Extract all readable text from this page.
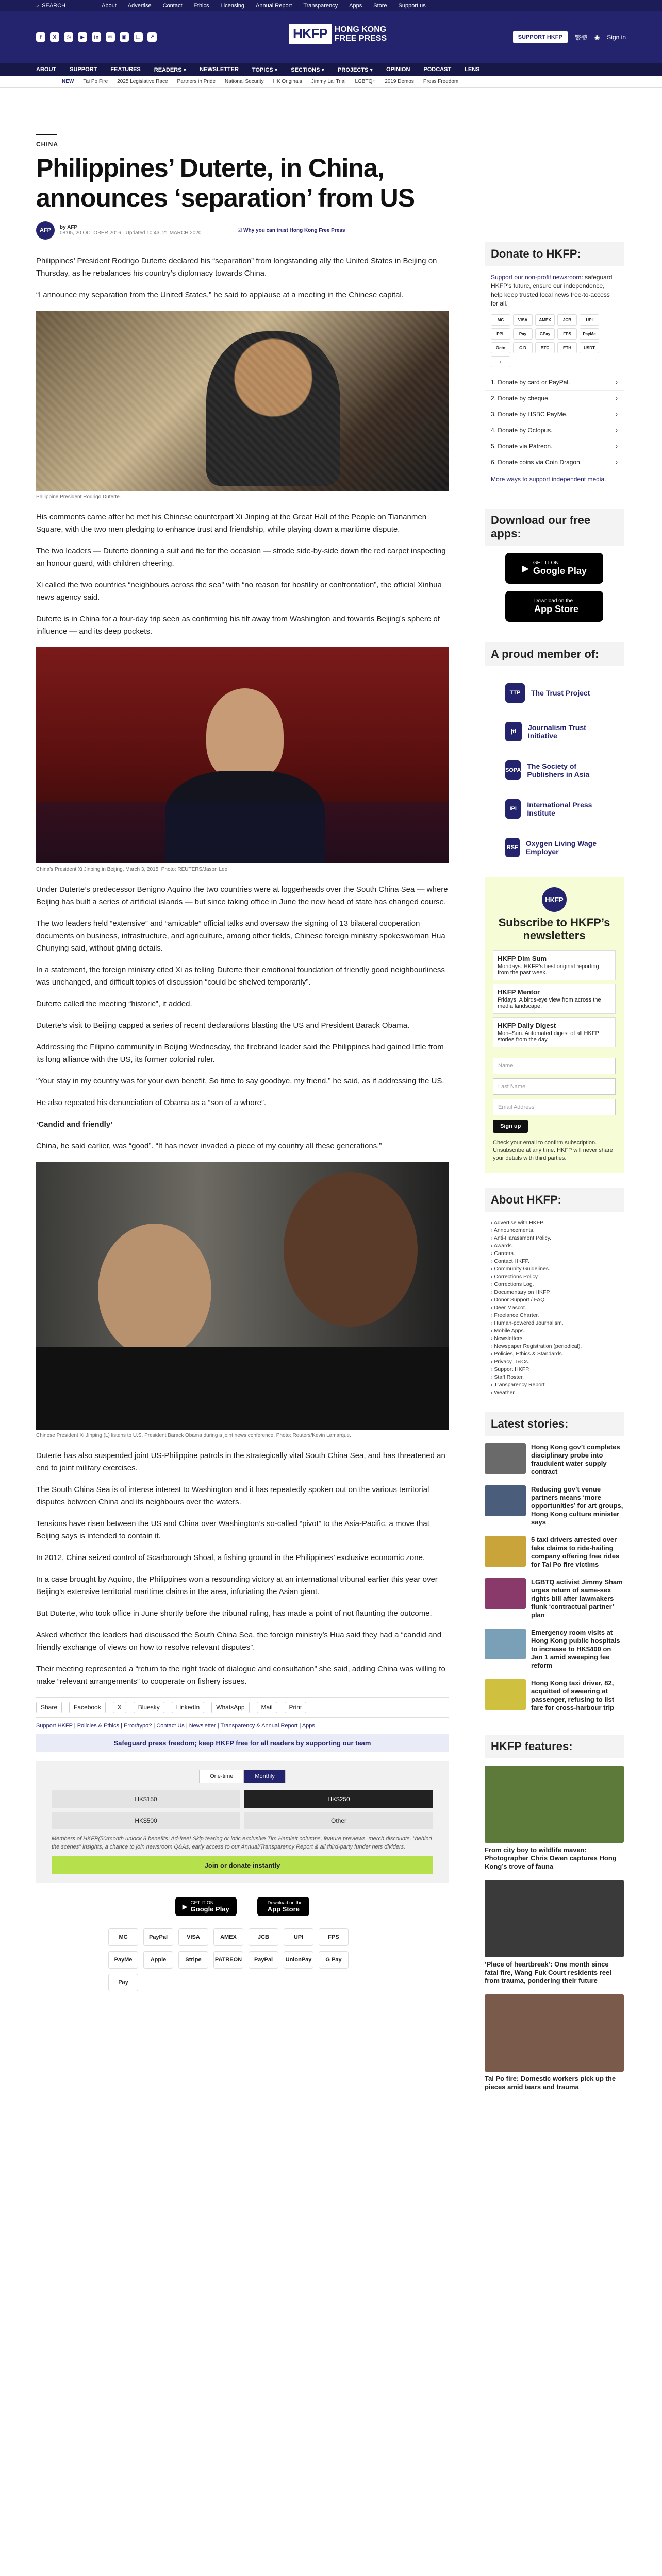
⌕ SEARCH	About Advertise Contact Ethics Licensing Annual Report Transparency Apps Store Support us
f	X	◎	▶	in	✉	▣	❐	↗	HKFP HONG KONG
FREE PRESS	SUPPORT HKFP	繁體 ◉ Sign in
ABOUT SUPPORT FEATURES READERS ▾ NEWSLETTER TOPICS ▾ SECTIONS ▾ PROJECTS ▾ OPINION PODCAST LENS
NEW Tai Po Fire 2025 Legislative Race Partners in Pride National Security HK Originals Jimmy Lai Trial LGBTQ+ 2019 Demos Press Freedom
CHINA
Philippines’ Duterte, in China, announces ‘separation’ from US
AFP	by AFP
08:05, 20 OCTOBER 2016 · Updated 10:43, 21 MARCH 2020	☑ Why you can trust Hong Kong Free Press

Philippines’ President Rodrigo Duterte declared his “separation” from longstanding ally the United States in Beijing on Thursday, as he rebalances his country’s diplomacy towards China.

“I announce my separation from the United States,” he said to applause at a meeting in the Chinese capital.

Philippine President Rodrigo Duterte.

His comments came after he met his Chinese counterpart Xi Jinping at the Great Hall of the People on Tiananmen Square, with the two men pledging to enhance trust and friendship, while playing down a maritime dispute.

The two leaders — Duterte donning a suit and tie for the occasion — strode side-by-side down the red carpet inspecting an honour guard, with children cheering.

Xi called the two countries “neighbours across the sea” with “no reason for hostility or confrontation”, the official Xinhua news agency said.

Duterte is in China for a four-day trip seen as confirming his tilt away from Washington and towards Beijing’s sphere of influence — and its deep pockets.

China’s President Xi Jinping in Beijing, March 3, 2015. Photo: REUTERS/Jason Lee

Under Duterte’s predecessor Benigno Aquino the two countries were at loggerheads over the South China Sea — where Beijing has built a series of artificial islands — but since taking office in June the new head of state has changed course.

The two leaders held “extensive” and “amicable” official talks and oversaw the signing of 13 bilateral cooperation documents on business, infrastructure, and agriculture, among other fields, Chinese foreign ministry spokeswoman Hua Chunying said, without giving details.

In a statement, the foreign ministry cited Xi as telling Duterte their emotional foundation of friendly good neighbourliness was unchanged, and difficult topics of discussion “could be shelved temporarily”.

Duterte called the meeting “historic”, it added.

Duterte’s visit to Beijing capped a series of recent declarations blasting the US and President Barack Obama.

Addressing the Filipino community in Beijing Wednesday, the firebrand leader said the Philippines had gained little from its long alliance with the US, its former colonial ruler.

“Your stay in my country was for your own benefit. So time to say goodbye, my friend,” he said, as if addressing the US.

He also repeated his denunciation of Obama as a “son of a whore”.

‘Candid and friendly’

China, he said earlier, was “good”. “It has never invaded a piece of my country all these generations.”

Chinese President Xi Jinping (L) listens to U.S. President Barack Obama during a joint news conference. Photo: Reuters/Kevin Lamarque.

Duterte has also suspended joint US-Philippine patrols in the strategically vital South China Sea, and has threatened an end to joint military exercises.

The South China Sea is of intense interest to Washington and it has repeatedly spoken out on the various territorial disputes between China and its neighbours over the waters.

Tensions have risen between the US and China over Washington’s so-called “pivot” to the Asia-Pacific, a move that Beijing says is intended to contain it.

In 2012, China seized control of Scarborough Shoal, a fishing ground in the Philippines’ exclusive economic zone.

In a case brought by Aquino, the Philippines won a resounding victory at an international tribunal earlier this year over Beijing’s extensive territorial maritime claims in the area, infuriating the Asian giant.

But Duterte, who took office in June shortly before the tribunal ruling, has made a point of not flaunting the outcome.

Asked whether the leaders had discussed the South China Sea, the foreign ministry’s Hua said they had a “candid and friendly exchange of views on how to resolve relevant disputes”.

Their meeting represented a “return to the right track of dialogue and consultation” she said, adding China was willing to make “relevant arrangements” to cooperate on fishery issues.

Share	Facebook	X	Bluesky	LinkedIn	WhatsApp	Mail	Print
Support HKFP | Policies & Ethics | Error/typo? | Contact Us | Newsletter | Transparency & Annual Report | Apps
Safeguard press freedom; keep HKFP free for all readers by supporting our team
One-time	Monthly
HK$150	HK$250
HK$500	Other
Members of HKFP(50/month unlock 8 benefits: Ad-free! Skip tearing or lotic exclusive Tim Hamlett columns, feature previews, merch discounts, "behind the scenes" insights, a chance to join newsroom Q&As, early access to our Annual/Transparency Report & all third-party funder nets dividers.
Join or donate instantly
▶ GET IT ON
Google Play
Download on the
App Store
MC	PayPal	VISA	AMEX	JCB	UPI	FPS
PayMe	Apple	Stripe	PATREON	PayPal	UnionPay	G Pay
Pay
Donate to HKFP:
Support our non-profit newsroom: safeguard HKFP's future, ensure our independence, help keep trusted local news free-to-access for all.
MC	VISA	AMEX	JCB	UPI
PPL	Pay	GPay	FPS	PayMe
Octo	C D	BTC	ETH	USDT
+
1. Donate by card or PayPal.	›
2. Donate by cheque.	›
3. Donate by HSBC PayMe.	›
4. Donate by Octopus.	›
5. Donate via Patreon.	›
6. Donate coins via Coin Dragon.	›
More ways to support independent media.
Download our free apps:
▶ GET IT ON
Google Play
Download on the
App Store
A proud member of:
TTP	The Trust Project
jti	Journalism Trust Initiative
SOPA The Society of Publishers in Asia
IPI	International Press Institute
RSF Oxygen Living Wage Employer
HKFP
Subscribe to HKFP’s newsletters
HKFP Dim Sum
Mondays. HKFP’s best original reporting from the past week.
HKFP Mentor
Fridays. A birds-eye view from across the media landscape.
HKFP Daily Digest
Mon–Sun. Automated digest of all HKFP stories from the day.
Name
Last Name
Email Address
Sign up
Check your email to confirm subscription. Unsubscribe at any time. HKFP will never share your details with third parties.
About HKFP:
› Advertise with HKFP.
› Announcements.
› Anti-Harassment Policy.
› Awards.
› Careers.
› Contact HKFP.
› Community Guidelines.
› Corrections Policy.
› Corrections Log.
› Documentary on HKFP.
› Donor Support / FAQ.
› Deer Mascot.
› Freelance Charter.
› Human-powered Journalism.
› Mobile Apps.
› Newsletters.
› Newspaper Registration (periodical).
› Policies, Ethics & Standards.
› Privacy, T&Cs.
› Support HKFP.
› Staff Roster.
› Transparency Report.
› Weather.
Latest stories:
Hong Kong gov’t completes disciplinary probe into fraudulent water supply contract
Reducing gov’t venue partners means ‘more opportunities’ for art groups, Hong Kong culture minister says
5 taxi drivers arrested over fake claims to ride-hailing company offering free rides for Tai Po fire victims
LGBTQ activist Jimmy Sham urges return of same-sex rights bill after lawmakers flunk ‘contractual partner’ plan
Emergency room visits at Hong Kong public hospitals to increase to HK$400 on Jan 1 amid sweeping fee reform
Hong Kong taxi driver, 82, acquitted of swearing at passenger, refusing to list fare for cross-harbour trip
HKFP features:
From city boy to wildlife maven: Photographer Chris Owen captures Hong Kong’s trove of fauna
‘Place of heartbreak’: One month since fatal fire, Wang Fuk Court residents reel from trauma, pondering their future
Tai Po fire: Domestic workers pick up the pieces amid tears and trauma
